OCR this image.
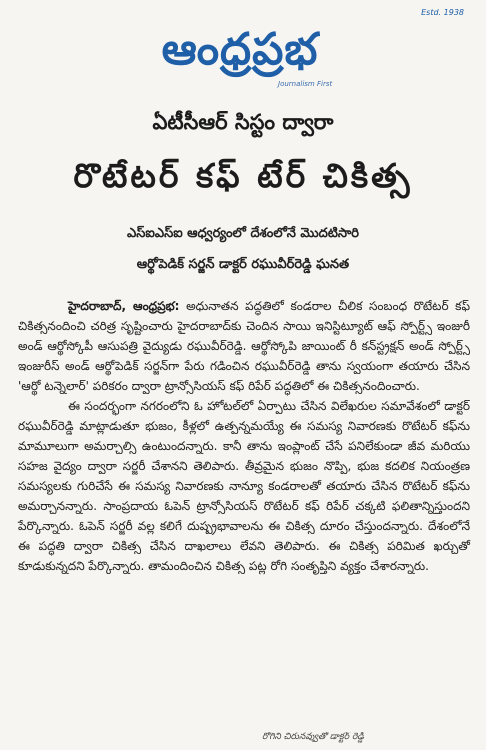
Estd. 1938
ఆంధ్రప్రభ
Journalism First
ఏటీసీఆర్ సిస్టం ద్వారా
రొటేటర్ కఫ్ టేర్ చికిత్స
ఎస్ఐఎస్ఐ ఆధ్వర్యంలో దేశంలోనే మొదటిసారి
ఆర్థోపెడిక్ సర్జన్ డాక్టర్ రఘువీర్‌రెడ్డి ఘనత

హైదరాబాద్, ఆంధ్రప్రభ: అధునాతన పద్ధతిలో కండరాల చీలిక సంబంధ రొటేటర్ కఫ్ చికిత్సనందించి చరిత్ర సృష్టించారు హైదరాబాద్‌కు చెందిన సాయి ఇనిస్టిట్యూట్ ఆఫ్ స్పోర్ట్స్ ఇంజురీ అండ్ ఆర్థోస్కోపీ ఆసుపత్రి వైద్యుడు రఘువీర్‌రెడ్డి. ఆర్థోస్కోపి జాయింట్ రీ కన్‌స్ట్రక్షన్ అండ్ స్పోర్ట్స్ ఇంజురీస్ అండ్ ఆర్థోపెడిక్ సర్జన్‌గా పేరు గడించిన రఘువీర్‌రెడ్డి తాను స్వయంగా తయారు చేసిన 'ఆర్థో టన్నెలార్' పరికరం ద్వారా ట్రాన్సోసియస్ కఫ్ రిపేర్ పద్ధతిలో ఈ చికిత్సనందించారు.

ఈ సందర్భంగా నగరంలోని ఓ హోటల్‌లో ఏర్పాటు చేసిన విలేఖరుల సమావేశంలో డాక్టర్ రఘువీర్‌రెడ్డి మాట్లాడుతూ భుజం, కీళ్లలో ఉత్పన్నమయ్యే ఈ సమస్య నివారణకు రొటేటర్ కఫ్‌ను మామూలుగా అమర్చాల్సి ఉంటుందన్నారు. కానీ తాను ఇంప్లాంట్ చేసే పనిలేకుండా జీవ మరియు సహజ వైద్యం ద్వారా సర్జరీ చేశానని తెలిపారు. తీవ్రమైన భుజం నొప్పి, భుజ కదలిక నియంత్రణ సమస్యలకు గురిచేసే ఈ సమస్య నివారణకు నాన్యూ కండరాలతో తయారు చేసిన రొటేటర్ కఫ్‌ను అమర్చానన్నారు. సాంప్రదాయ ఓపెన్ ట్రాన్సోసియస్ రొటేటర్ కఫ్ రిపేర్ చక్కటి ఫలితాన్నిస్తుందని పేర్కొన్నారు. ఓపెన్ సర్జరీ వల్ల కలిగే దుష్ప్రభావాలను ఈ చికిత్స దూరం చేస్తుందన్నారు. దేశంలోనే ఈ పద్ధతి ద్వారా చికిత్స చేసిన దాఖలాలు లేవని తెలిపారు. ఈ చికిత్స పరిమిత ఖర్చుతో కూడుకున్నదని పేర్కొన్నారు. తామందించిన చికిత్స పట్ల రోగి సంతృప్తిని వ్యక్తం చేశారన్నారు.

రోగిని చిరునవ్వుతో డాక్టర్ రెడ్డి
